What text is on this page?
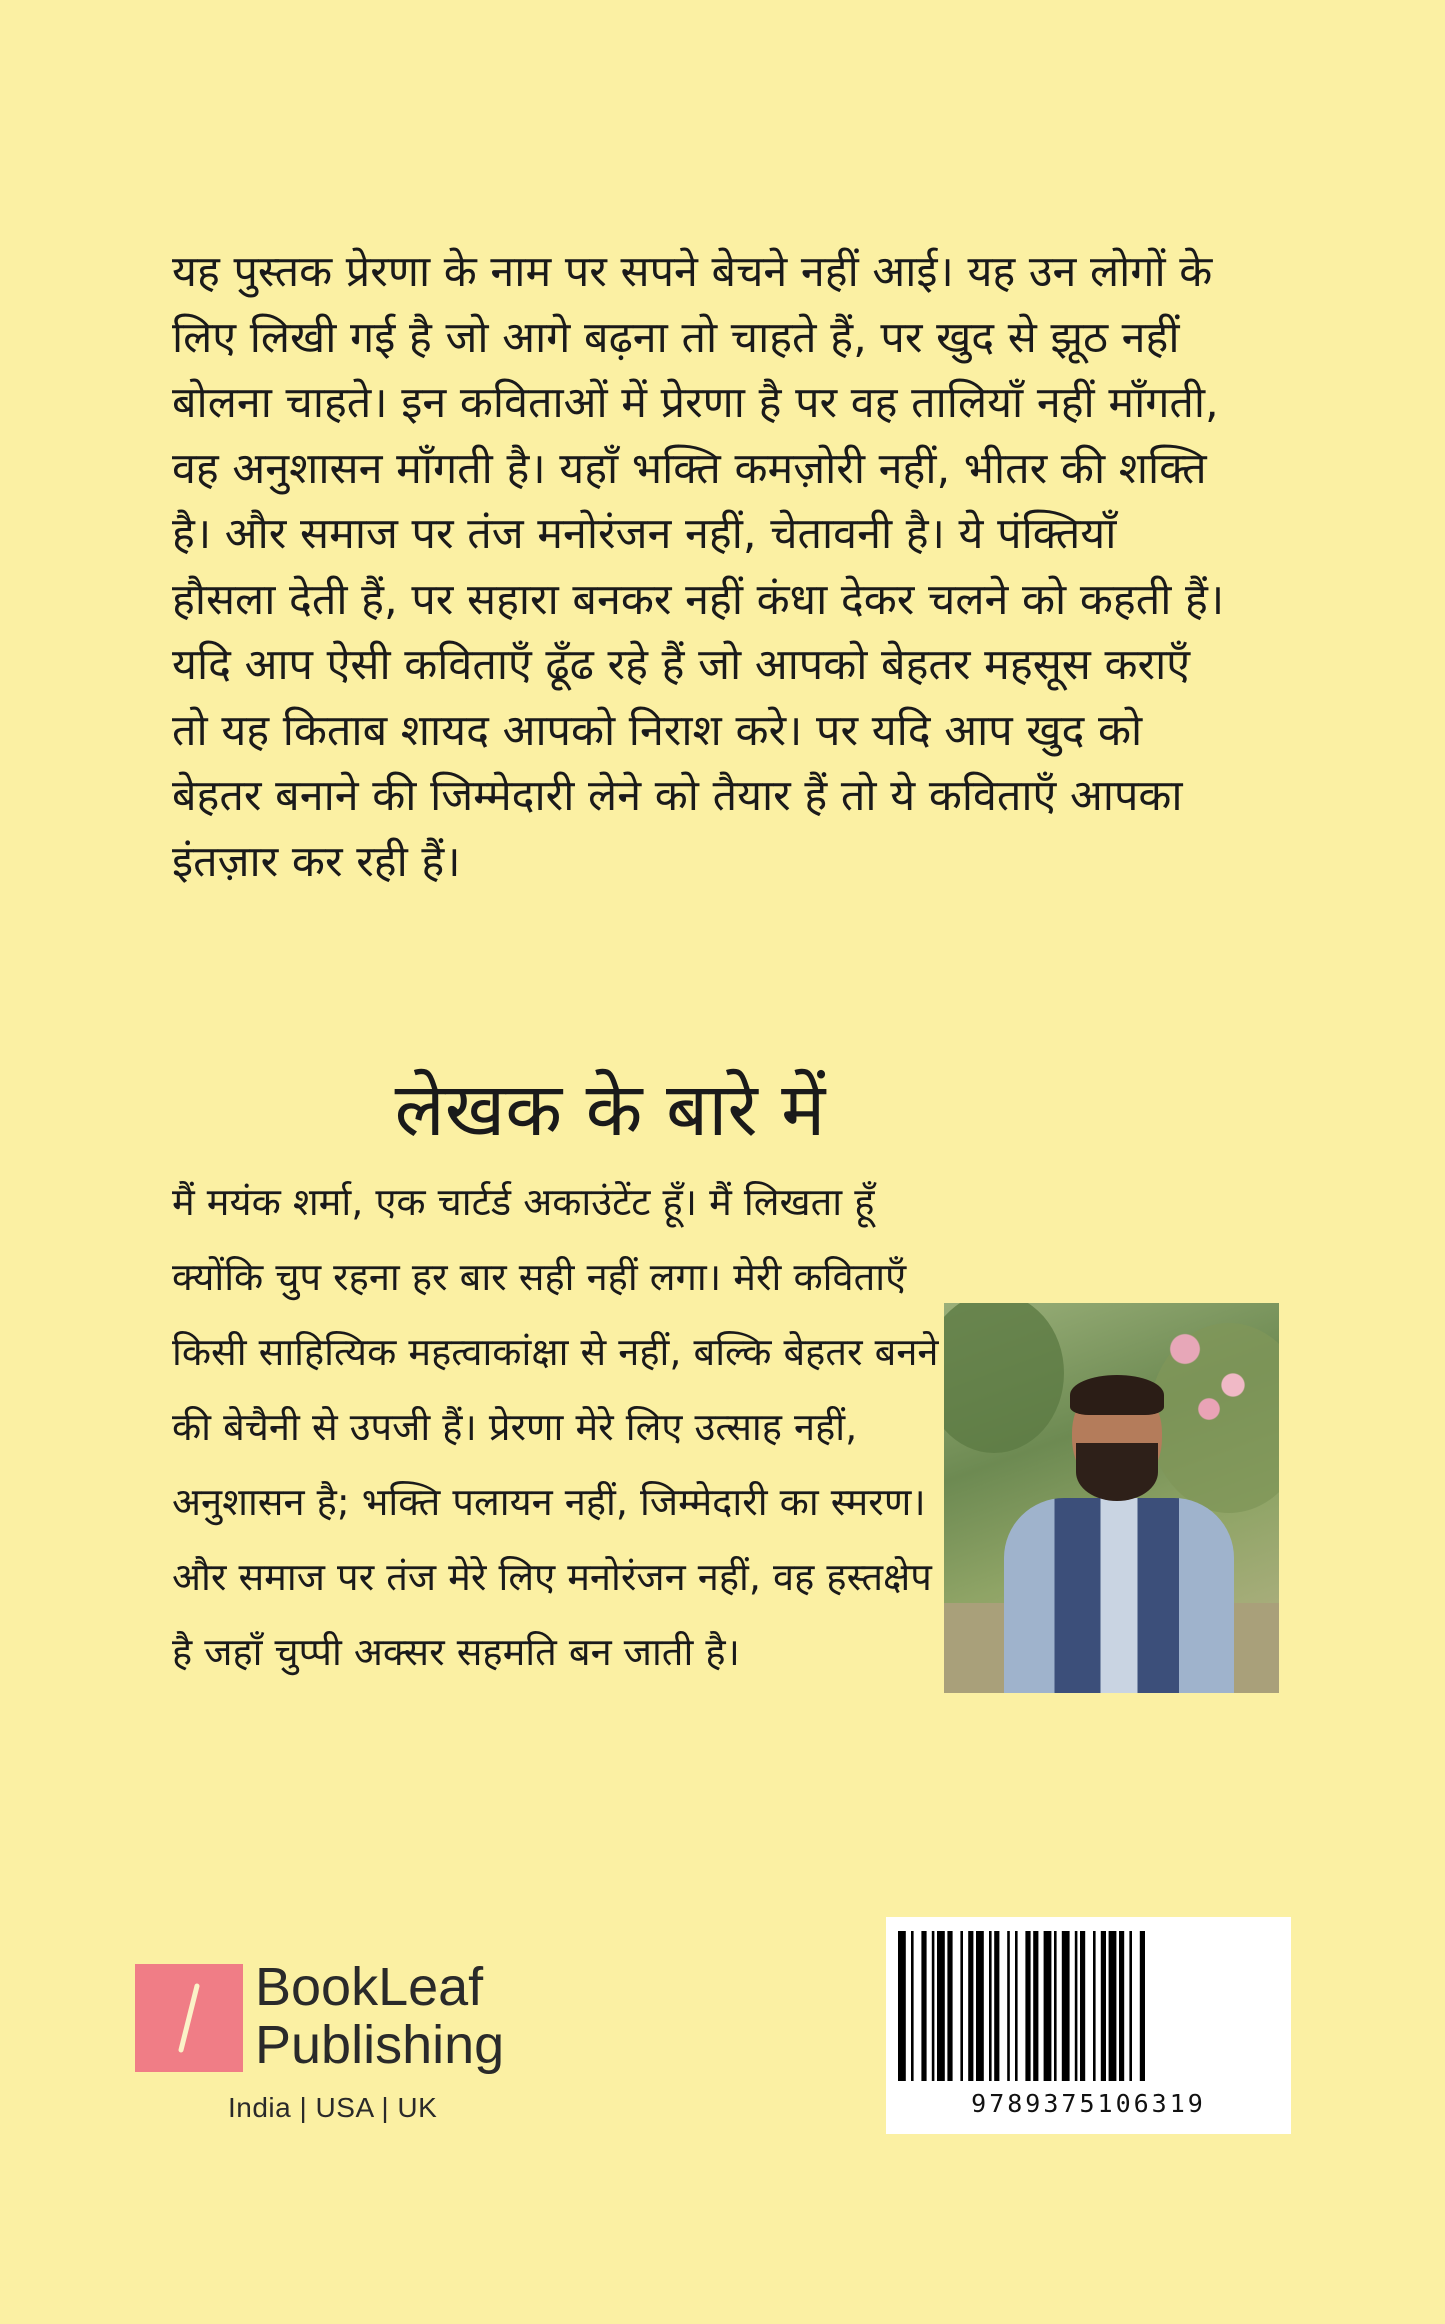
यह पुस्तक प्रेरणा के नाम पर सपने बेचने नहीं आई। यह उन लोगों के लिए लिखी गई है जो आगे बढ़ना तो चाहते हैं, पर खुद से झूठ नहीं बोलना चाहते। इन कविताओं में प्रेरणा है पर वह तालियाँ नहीं माँगती, वह अनुशासन माँगती है। यहाँ भक्ति कमज़ोरी नहीं, भीतर की शक्ति है। और समाज पर तंज मनोरंजन नहीं, चेतावनी है। ये पंक्तियाँ हौसला देती हैं, पर सहारा बनकर नहीं कंधा देकर चलने को कहती हैं। यदि आप ऐसी कविताएँ ढूँढ रहे हैं जो आपको बेहतर महसूस कराएँ तो यह किताब शायद आपको निराश करे। पर यदि आप खुद को बेहतर बनाने की जिम्मेदारी लेने को तैयार हैं तो ये कविताएँ आपका इंतज़ार कर रही हैं।

लेखक के बारे में

मैं मयंक शर्मा, एक चार्टर्ड अकाउंटेंट हूँ। मैं लिखता हूँ क्योंकि चुप रहना हर बार सही नहीं लगा। मेरी कविताएँ किसी साहित्यिक महत्वाकांक्षा से नहीं, बल्कि बेहतर बनने की बेचैनी से उपजी हैं। प्रेरणा मेरे लिए उत्साह नहीं, अनुशासन है; भक्ति पलायन नहीं, जिम्मेदारी का स्मरण। और समाज पर तंज मेरे लिए मनोरंजन नहीं, वह हस्तक्षेप है जहाँ चुप्पी अक्सर सहमति बन जाती है।

BookLeaf
Publishing
India | USA | UK	9789375106319
